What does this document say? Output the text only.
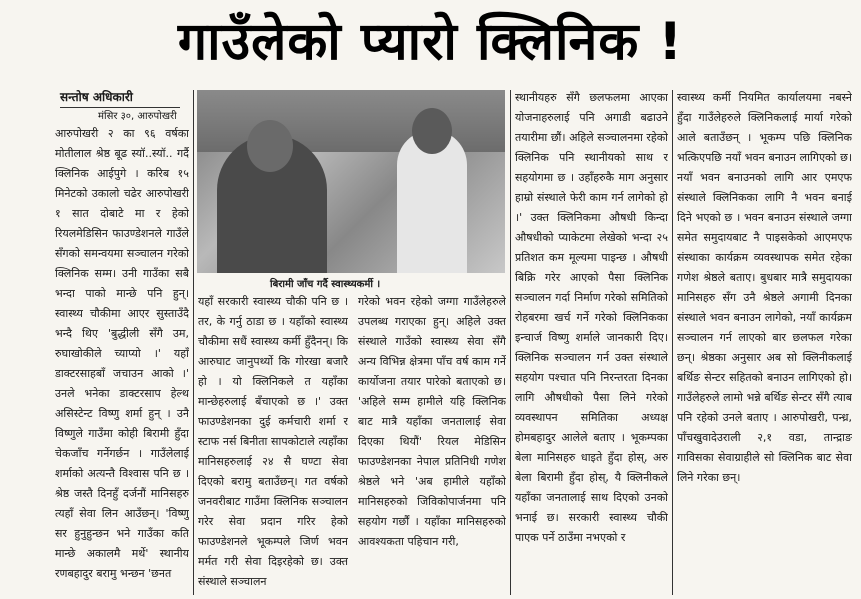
गाउँलेको प्यारो क्लिनिक !
सन्तोष अधिकारी
मंसिर ३०, आरुपोखरी
बिरामी जाँच गर्दै स्वास्थ्यकर्मी ।
आरुपोखरी २ का ९६ वर्षका मोतीलाल श्रेष्ठ बूढ स्यॉ..स्यॉ.. गर्दै क्लिनिक आईपुगे । करिब १५ मिनेटको उकालो चढेर आरुपोखरी १ सात दोबाटे मा र हेको रियलमेडिसिन फाउण्डेशनले गाउँले सँगको समन्वयमा सञ्चालन गरेको क्लिनिक सम्म। उनी गाउँका सबै भन्दा पाको मान्छे पनि हुन्। स्वास्थ्य चौकीमा आएर सुस्ताउँदै भन्दै थिए 'बुद्धीली सँगै उम, रुघाखोकीले च्याप्यो ।' यहाँ डाक्टरसाहबाँ जचाउन आको ।' उनले भनेका डाक्टरसाप हेल्थ असिस्टेन्ट विष्णु शर्मा हुन् । उनै विष्णुले गाउँमा कोही बिरामी हुँदा चेकजाँच गर्नेगर्छन । गाउँलेलाई शर्माको अत्यन्तै विश्वास पनि छ । श्रेष्ठ जस्तै दिनहुँ दर्जनौं मानिसहरु त्यहाँ सेवा लिन आउँछन्। 'विष्णु सर हुनुहुन्छन भने गाउँका कति मान्छे अकालमै मर्थे' स्थानीय रणबहादुर बरामु भन्छन 'छनत
यहाँ सरकारी स्वास्थ्य चौकी पनि छ । तर, के गर्नु ठाडा छ । यहाँको स्वास्थ्य चौकीमा सधैं स्वास्थ्य कर्मी हुँदैनन्। कि आरुघाट जानुपर्थ्यो कि गोरखा बजारै हो । यो क्लिनिकले त यहाँका मान्छेहरुलाई बँचाएको छ ।' उक्त फाउण्डेशनका दुई कर्मचारी शर्मा र स्टाफ नर्स बिनीता सापकोटाले त्यहाँका मानिसहरुलाई २४ सै घण्टा सेवा दिएको बरामु बताउँछन्। गत वर्षको जनवरीबाट गाउँमा क्लिनिक सञ्चालन गरेर सेवा प्रदान गरिर हेको फाउण्डेशनले भूकम्पले जिर्ण भवन मर्मत गरी सेवा दिइरहेको छ। उक्त संस्थाले सञ्चालन
गरेको भवन रहेको जग्गा गाउँलेहरुले उपलब्ध गराएका हुन्। अहिले उक्त संस्थाले गाउँको स्वास्थ्य सेवा सँगै अन्य विभिन्न क्षेत्रमा पाँच वर्ष काम गर्ने कार्योजना तयार पारेको बताएको छ। 'अहिले सम्म हामीले यहि क्लिनिक बाट मात्रै यहाँका जनतालाई सेवा दिएका थियौं' रियल मेडिसिन फाउण्डेशनका नेपाल प्रतिनिधी गणेश श्रेष्ठले भने 'अब हामीले यहाँको मानिसहरुको जिविकोपार्जनमा पनि सहयोग गर्छौं । यहाँका मानिसहरुको आवश्यकता पहिचान गरी,
स्थानीयहरु सँगै छलफलमा आएका योजनाहरुलाई पनि अगाडी बढाउने तयारीमा छौं। अहिले सञ्चालनमा रहेको क्लिनिक पनि स्थानीयको साथ र सहयोगमा छ । उहाँहरुकै माग अनुसार हाम्रो संस्थाले फेरी काम गर्न लागेको हो ।' उक्त क्लिनिकमा औषधी किन्दा औषधीको प्याकेटमा लेखेको भन्दा २५ प्रतिशत कम मूल्यमा पाइन्छ । औषधी बिक्रि गरेर आएको पैसा क्लिनिक सञ्चालन गर्दा निर्माण गरेको समितिको रोहबरमा खर्च गर्ने गरेको क्लिनिकका इन्चार्ज विष्णु शर्माले जानकारी दिए। क्लिनिक सञ्चालन गर्न उक्त संस्थाले सहयोग पश्चात पनि निरन्तरता दिनका लागि औषधीको पैसा लिने गरेको व्यवस्थापन समितिका अध्यक्ष होमबहादुर आलेले बताए । भूकम्पका बेला मानिसहरु धाइते हुँदा होस्, अरु बेला बिरामी हुँदा होस्, यै क्लिनीकले यहाँका जनतालाई साथ दिएको उनको भनाई छ। सरकारी स्वास्थ्य चौकी पाएक पर्ने ठाउँमा नभएको र
स्वास्थ्य कर्मी नियमित कार्यालयमा नबस्ने हुँदा गाउँलेहरुले क्लिनिकलाई मार्या गरेको आले बताउँछन् । भूकम्प पछि क्लिनिक भत्किएपछि नयाँ भवन बनाउन लागिएको छ। नयाँ भवन बनाउनको लागि आर एमएफ संस्थाले क्लिनिकका लागि नै भवन बनाई दिने भएको छ । भवन बनाउन संस्थाले जग्गा समेत समुदायबाट नै पाइसकेको आएमएफ संस्थाका कार्यक्रम व्यवस्थापक समेत रहेका गणेश श्रेष्ठले बताए। बुधबार मात्रै समुदायका मानिसहरु सँग उनै श्रेष्ठले अगामी दिनका संस्थाले भवन बनाउन लागेको, नयाँ कार्यक्रम सञ्चालन गर्न लाएको बार छलफल गरेका छन्। श्रेष्ठका अनुसार अब सो क्लिनीकलाई बर्थिङ सेन्टर सहितको बनाउन लागिएको हो। गाउँलेहरुले लामो भन्ने बर्थिङ सेन्टर सँगै त्याब पनि रहेको उनले बताए । आरुपोखरी, पन्ध्र, पाँचखुवादेउराली २,१ वडा, तान्द्राङ गाविसका सेवाग्राहीले सो क्लिनिक बाट सेवा लिने गरेका छन्।
